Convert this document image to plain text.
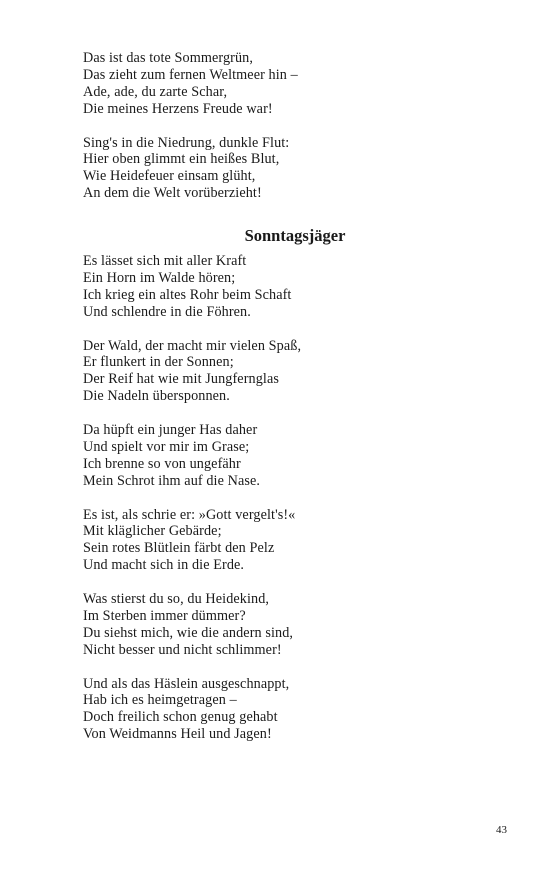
Das ist das tote Sommergrün,
Das zieht zum fernen Weltmeer hin –
Ade, ade, du zarte Schar,
Die meines Herzens Freude war!
Sing's in die Niedrung, dunkle Flut:
Hier oben glimmt ein heißes Blut,
Wie Heidefeuer einsam glüht,
An dem die Welt vorüberzieht!
Sonntagsjäger
Es lässet sich mit aller Kraft
Ein Horn im Walde hören;
Ich krieg ein altes Rohr beim Schaft
Und schlendre in die Föhren.
Der Wald, der macht mir vielen Spaß,
Er flunkert in der Sonnen;
Der Reif hat wie mit Jungfernglas
Die Nadeln übersponnen.
Da hüpft ein junger Has daher
Und spielt vor mir im Grase;
Ich brenne so von ungefähr
Mein Schrot ihm auf die Nase.
Es ist, als schrie er: »Gott vergelt's!«
Mit kläglicher Gebärde;
Sein rotes Blütlein färbt den Pelz
Und macht sich in die Erde.
Was stierst du so, du Heidekind,
Im Sterben immer dümmer?
Du siehst mich, wie die andern sind,
Nicht besser und nicht schlimmer!
Und als das Häslein ausgeschnappt,
Hab ich es heimgetragen –
Doch freilich schon genug gehabt
Von Weidmanns Heil und Jagen!
43
